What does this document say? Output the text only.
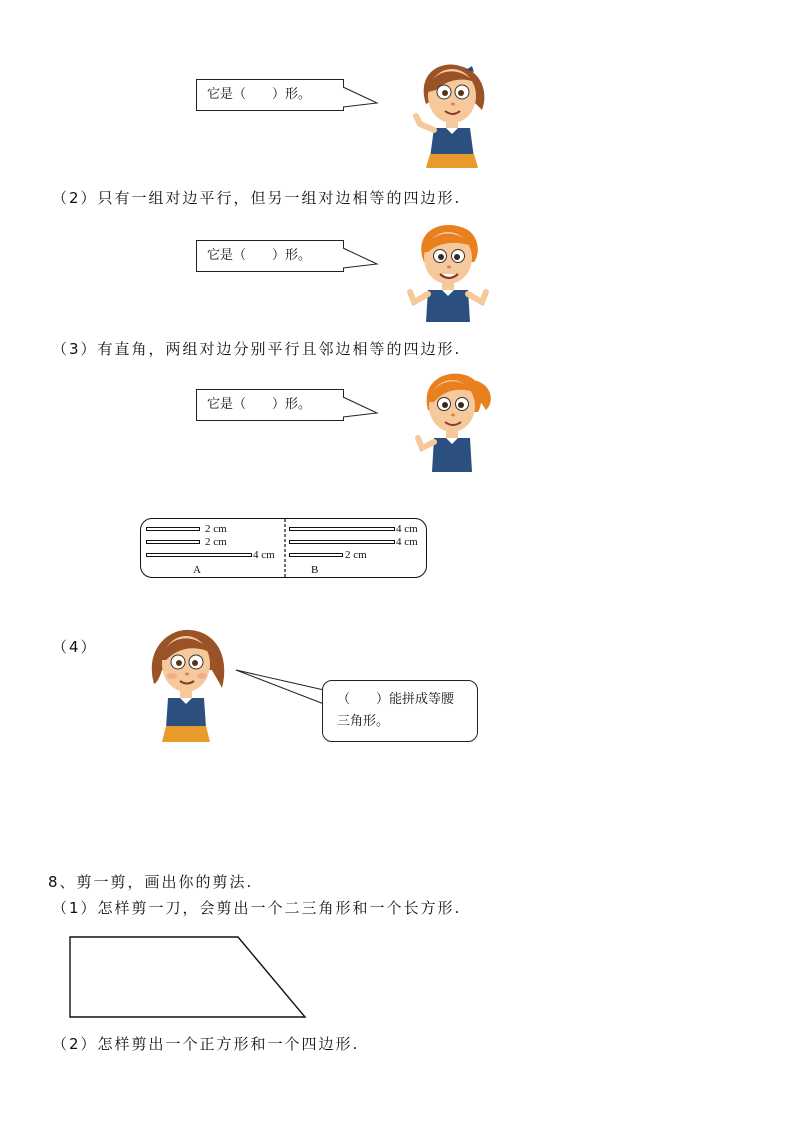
它是（　　）形。
（2）只有一组对边平行，但另一组对边相等的四边形.
它是（　　）形。
（3）有直角，两组对边分别平行且邻边相等的四边形.
它是（　　）形。
2 cm
2 cm
4 cm
A
4 cm
4 cm
2 cm
B
（4）
（　　）能拼成等腰
三角形。
8、剪一剪，画出你的剪法.
（1）怎样剪一刀，会剪出一个二三角形和一个长方形.
（2）怎样剪出一个正方形和一个四边形.
